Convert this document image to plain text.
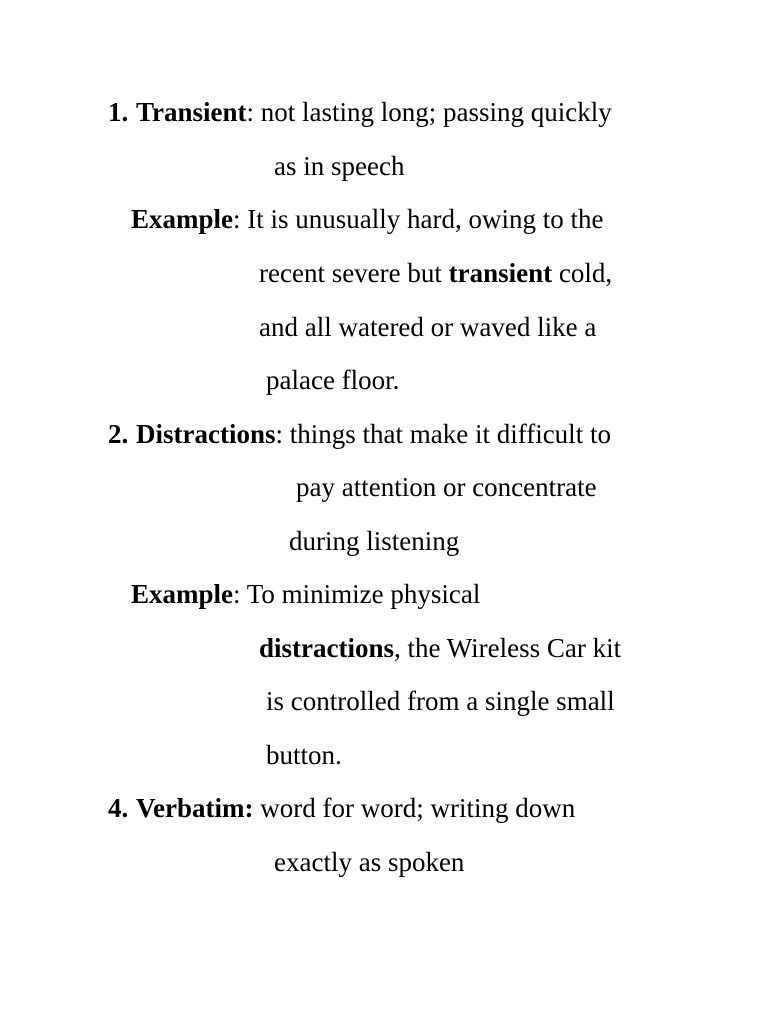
1. Transient: not lasting long; passing quickly
as in speech
Example: It is unusually hard, owing to the
recent severe but transient cold,
and all watered or waved like a
palace floor.
2. Distractions: things that make it difficult to
pay attention or concentrate
during listening
Example: To minimize physical
distractions, the Wireless Car kit
is controlled from a single small
button.
4. Verbatim: word for word; writing down
exactly as spoken
